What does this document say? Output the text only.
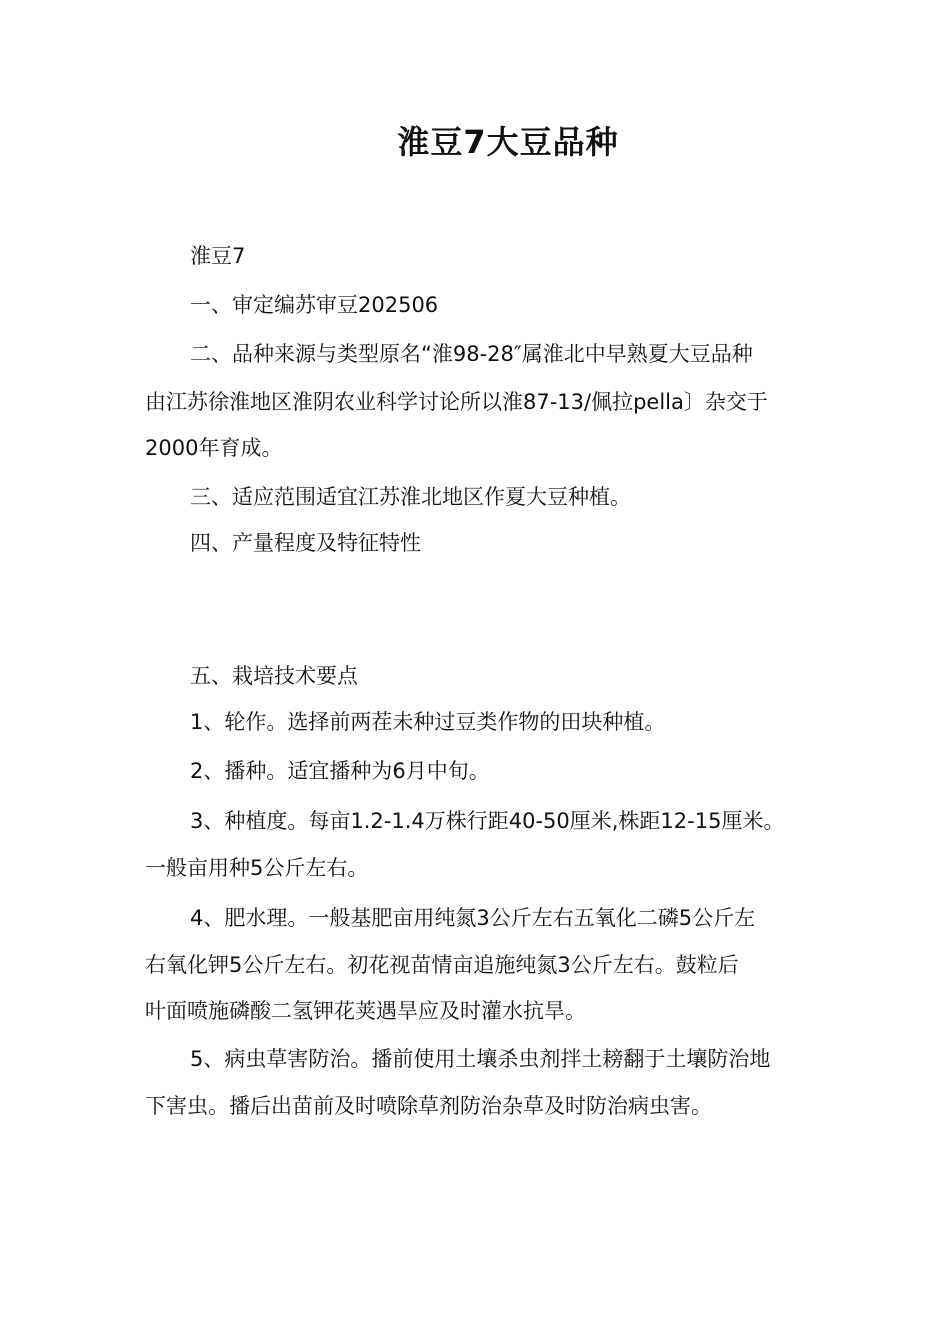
淮豆7大豆品种
淮豆7
一、审定编苏审豆202506
二、品种来源与类型原名“淮98-28″属淮北中早熟夏大豆品种
由江苏徐淮地区淮阴农业科学讨论所以淮87-13/佩拉pella〕杂交于
2000年育成。
三、适应范围适宜江苏淮北地区作夏大豆种植。
四、产量程度及特征特性
五、栽培技术要点
1、轮作。选择前两茬未种过豆类作物的田块种植。
2、播种。适宜播种为6月中旬。
3、种植度。每亩1.2-1.4万株行距40-50厘米,株距12-15厘米。
一般亩用种5公斤左右。
4、肥水理。一般基肥亩用纯氮3公斤左右五氧化二磷5公斤左
右氧化钾5公斤左右。初花视苗情亩追施纯氮3公斤左右。鼓粒后
叶面喷施磷酸二氢钾花荚遇旱应及时灌水抗旱。
5、病虫草害防治。播前使用土壤杀虫剂拌土耪翻于土壤防治地
下害虫。播后出苗前及时喷除草剂防治杂草及时防治病虫害。
